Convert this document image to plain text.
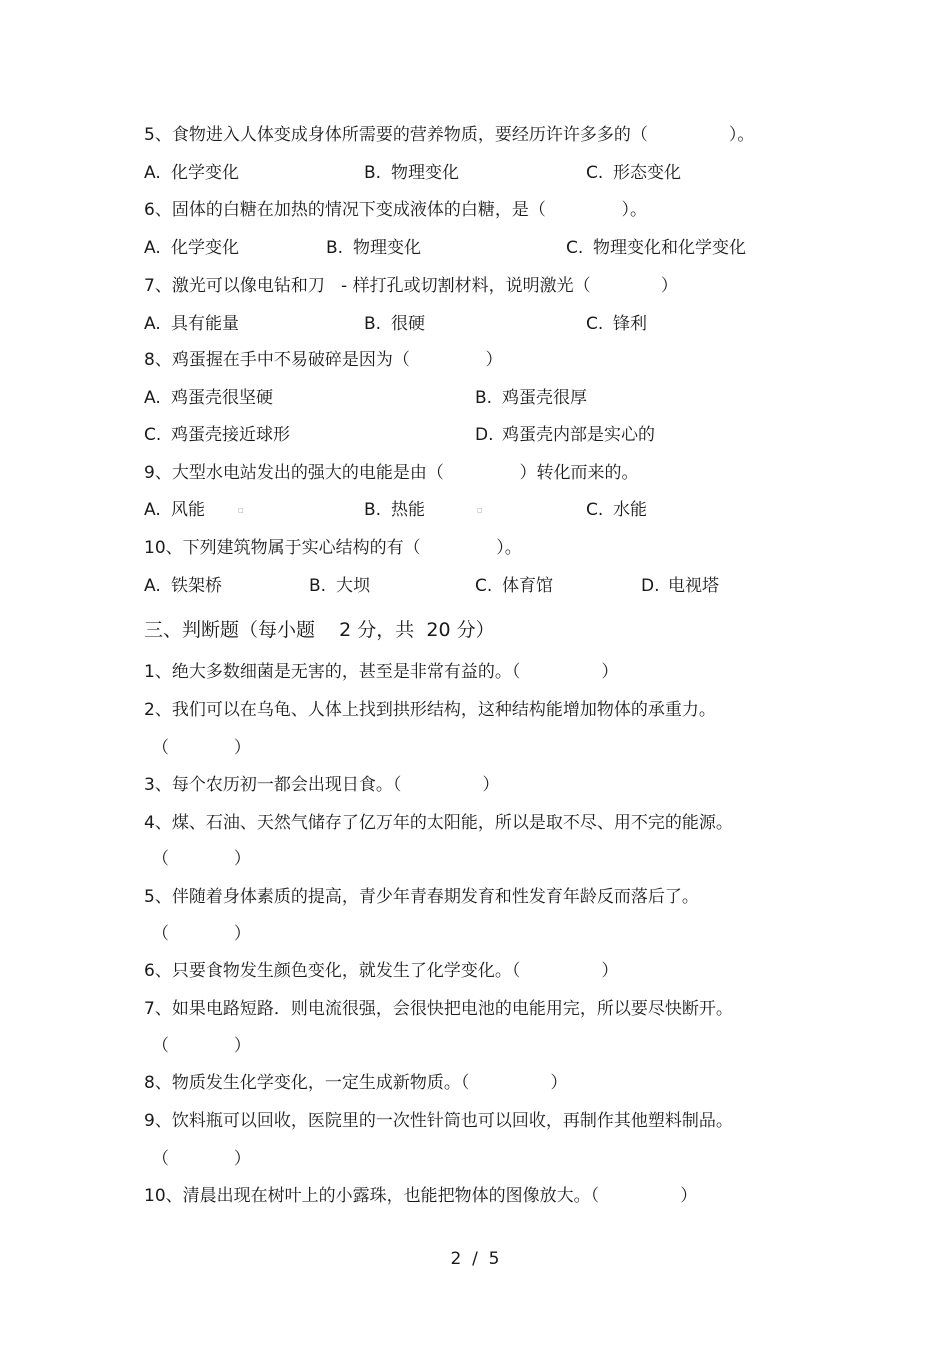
5、食物进入人体变成身体所需要的营养物质，要经历许许多多的（               ）。
A. 化学变化	B. 物理变化	C. 形态变化
6、固体的白糖在加热的情况下变成液体的白糖，是（              ）。
A. 化学变化	B. 物理变化	C. 物理变化和化学变化
7、激光可以像电钻和刀   - 样打孔或切割材料，说明激光（             ）
A. 具有能量	B. 很硬	C. 锋利
8、鸡蛋握在手中不易破碎是因为（              ）
A. 鸡蛋壳很坚硬	B. 鸡蛋壳很厚
C. 鸡蛋壳接近球形	D. 鸡蛋壳内部是实心的
9、大型水电站发出的强大的电能是由（              ）转化而来的。
A. 风能	□	B. 热能	□	C. 水能
10、下列建筑物属于实心结构的有（              ）。
A. 铁架桥	B. 大坝	C. 体育馆	D. 电视塔
三、判断题（每小题    2 分，共  20 分）
1、绝大多数细菌是无害的，甚至是非常有益的。（               ）
2、我们可以在乌龟、人体上找到拱形结构，这种结构能增加物体的承重力。
（            ）
3、每个农历初一都会出现日食。（               ）
4、煤、石油、天然气储存了亿万年的太阳能，所以是取不尽、用不完的能源。
（            ）
5、伴随着身体素质的提高，青少年青春期发育和性发育年龄反而落后了。
（            ）
6、只要食物发生颜色变化，就发生了化学变化。（               ）
7、如果电路短路．则电流很强，会很快把电池的电能用完，所以要尽快断开。
（            ）
8、物质发生化学变化，一定生成新物质。（               ）
9、饮料瓶可以回收，医院里的一次性针筒也可以回收，再制作其他塑料制品。
（            ）
10、清晨出现在树叶上的小露珠，也能把物体的图像放大。（               ）
2  /  5
